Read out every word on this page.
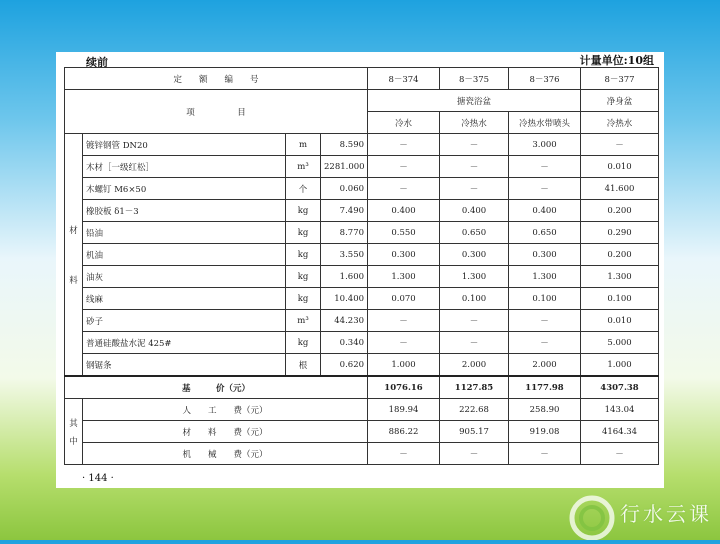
续前	计量单位:10组
定　　额　　编　　号				8－374	8－375	8－376	8－377
项　　　　　目				搪瓷浴盆			净身盆
				冷水	冷热水	冷热水带喷头	冷热水

材
料	镀锌钢管 DN20	m	8.590	－	－	3.000	－
	木材［一级红松］	m³	2281.000	－	－	－	0.010
	木螺钉 M6×50	个	0.060	－	－	－	41.600
	橡胶板 δ1－3	kg	7.490	0.400	0.400	0.400	0.200
	铅油	kg	8.770	0.550	0.650	0.650	0.290
	机油	kg	3.550	0.300	0.300	0.300	0.200
	油灰	kg	1.600	1.300	1.300	1.300	1.300
	线麻	kg	10.400	0.070	0.100	0.100	0.100
	砂子	m³	44.230	－	－	－	0.010
	普通硅酸盐水泥 425#	kg	0.340	－	－	－	5.000
	钢锯条	根	0.620	1.000	2.000	2.000	1.000
基　　　价（元）				1076.16	1127.85	1177.98	4307.38

其
中	人　　工　　费（元）			189.94	222.68	258.90	143.04
	材　　料　　费（元）			886.22	905.17	919.08	4164.34
	机　　械　　费（元）			－	－	－	－
· 144 ·
行水云课
